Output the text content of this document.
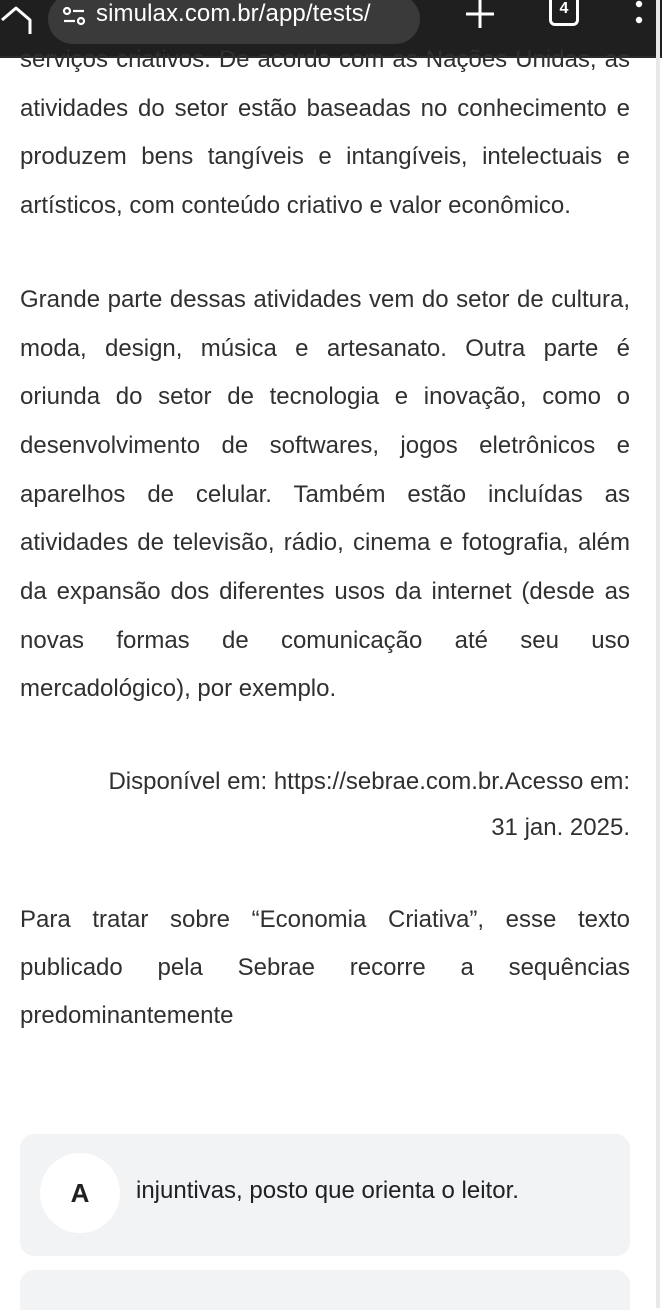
simulax.com.br/app/tests/	4

serviços criativos. De acordo com as Nações Unidas, as atividades do setor estão baseadas no conhecimento e produzem bens tangíveis e intangíveis, intelectuais e artísticos, com conteúdo criativo e valor econômico.

Grande parte dessas atividades vem do setor de cultura, moda, design, música e artesanato. Outra parte é oriunda do setor de tecnologia e inovação, como o desenvolvimento de softwares, jogos eletrônicos e aparelhos de celular. Também estão incluídas as atividades de televisão, rádio, cinema e fotografia, além da expansão dos diferentes usos da internet (desde as novas formas de comunicação até seu uso mercadológico), por exemplo.

Disponível em: https://sebrae.com.br.Acesso em:
31 jan. 2025.

Para tratar sobre “Economia Criativa”, esse texto publicado pela Sebrae recorre a sequências predominantemente

A	injuntivas, posto que orienta o leitor.
